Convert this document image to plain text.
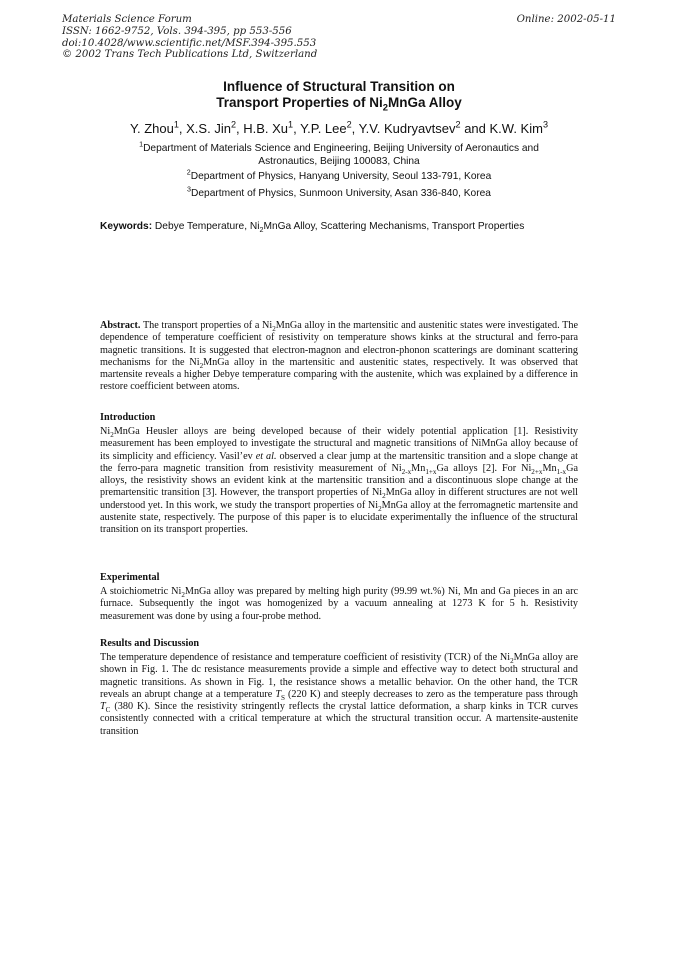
Materials Science Forum
ISSN: 1662-9752, Vols. 394-395, pp 553-556
doi:10.4028/www.scientific.net/MSF.394-395.553
© 2002 Trans Tech Publications Ltd, Switzerland
Online: 2002-05-11
Influence of Structural Transition on
Transport Properties of $Ni_2MnGa$ Alloy
Y. Zhou$^1$, X.S. Jin$^2$, H.B. Xu$^1$, Y.P. Lee$^2$, Y.V. Kudryavtsev$^2$ and K.W. Kim$^3$
$^1$Department of Materials Science and Engineering, Beijing University of Aeronautics and
Astronautics, Beijing 100083, China
$^2$Department of Physics, Hanyang University, Seoul 133-791, Korea
$^3$Department of Physics, Sunmoon University, Asan 336-840, Korea
Keywords: Debye Temperature, $Ni_2MnGa$ Alloy, Scattering Mechanisms, Transport Properties
Abstract. The transport properties of a $Ni_2MnGa$ alloy in the martensitic and austenitic states were investigated. The dependence of temperature coefficient of resistivity on temperature shows kinks at the structural and ferro-para magnetic transitions. It is suggested that electron-magnon and electron-phonon scatterings are dominant scattering mechanisms for the $Ni_2MnGa$ alloy in the martensitic and austenitic states, respectively. It was observed that martensite reveals a higher Debye temperature comparing with the austenite, which was explained by a difference in restore coefficient between atoms.
Introduction
$Ni_2MnGa$ Heusler alloys are being developed because of their widely potential application [1]. Resistivity measurement has been employed to investigate the structural and magnetic transitions of NiMnGa alloy because of its simplicity and efficiency. Vasil’ev et al. observed a clear jump at the martensitic transition and a slope change at the ferro-para magnetic transition from resistivity measurement of $Ni_{2-x}Mn_{1+x}Ga$ alloys [2]. For $Ni_{2+x}Mn_{1-x}Ga$ alloys, the resistivity shows an evident kink at the martensitic transition and a discontinuous slope change at the premartensitic transition [3]. However, the transport properties of $Ni_2MnGa$ alloy in different structures are not well understood yet. In this work, we study the transport properties of $Ni_2MnGa$ alloy at the ferromagnetic martensite and austenite state, respectively. The purpose of this paper is to elucidate experimentally the influence of the structural transition on its transport properties.
Experimental
A stoichiometric $Ni_2MnGa$ alloy was prepared by melting high purity (99.99 wt.%) Ni, Mn and Ga pieces in an arc furnace. Subsequently the ingot was homogenized by a vacuum annealing at 1273 K for 5 h. Resistivity measurement was done by using a four-probe method.
Results and Discussion
The temperature dependence of resistance and temperature coefficient of resistivity (TCR) of the $Ni_2MnGa$ alloy are shown in Fig. 1. The dc resistance measurements provide a simple and effective way to detect both structural and magnetic transitions. As shown in Fig. 1, the resistance shows a metallic behavior. On the other hand, the TCR reveals an abrupt change at a temperature $T_S$ (220 K) and steeply decreases to zero as the temperature pass through $T_C$ (380 K). Since the resistivity stringently reflects the crystal lattice deformation, a sharp kinks in TCR curves consistently connected with a critical temperature at which the structural transition occur. A martensite-austenite transition
